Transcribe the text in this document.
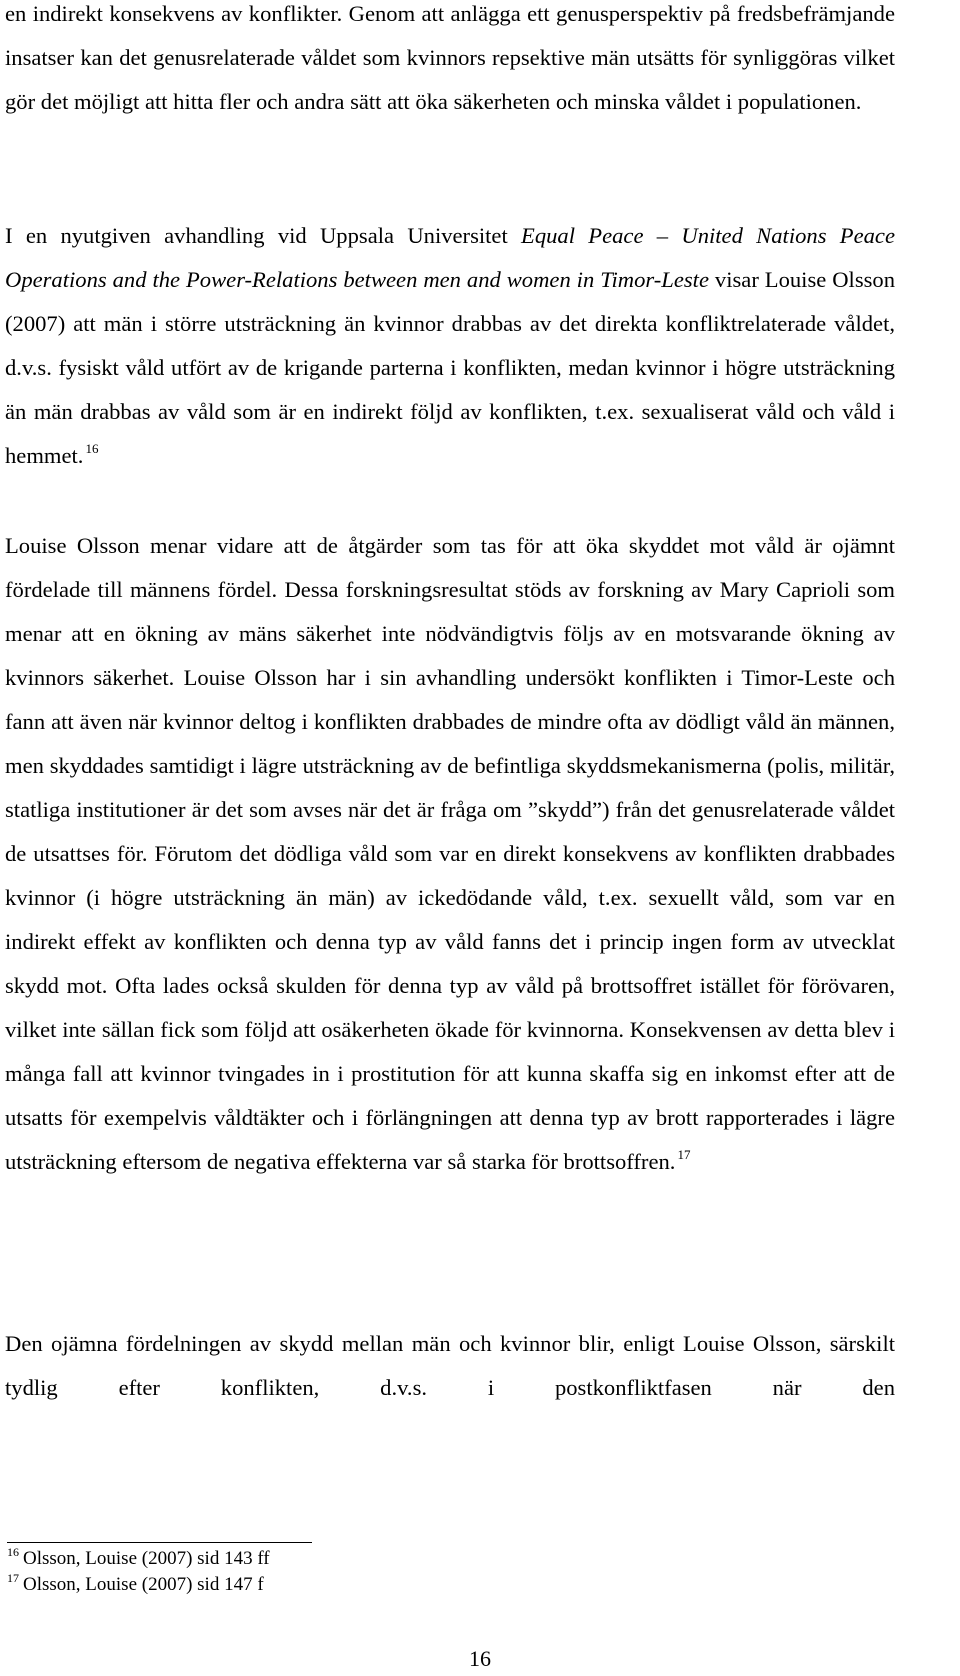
en indirekt konsekvens av konflikter. Genom att anlägga ett genusperspektiv på fredsbefrämjande insatser kan det genusrelaterade våldet som kvinnors repsektive män utsätts för synliggöras vilket gör det möjligt att hitta fler och andra sätt att öka säkerheten och minska våldet i populationen.

I en nyutgiven avhandling vid Uppsala Universitet Equal Peace – United Nations Peace Operations and the Power-Relations between men and women in Timor-Leste visar Louise Olsson (2007) att män i större utsträckning än kvinnor drabbas av det direkta konfliktrelaterade våldet, d.v.s. fysiskt våld utfört av de krigande parterna i konflikten, medan kvinnor i högre utsträckning än män drabbas av våld som är en indirekt följd av konflikten, t.ex. sexualiserat våld och våld i hemmet. $^{16}$

Louise Olsson menar vidare att de åtgärder som tas för att öka skyddet mot våld är ojämnt fördelade till männens fördel. Dessa forskningsresultat stöds av forskning av Mary Caprioli som menar att en ökning av mäns säkerhet inte nödvändigtvis följs av en motsvarande ökning av kvinnors säkerhet. Louise Olsson har i sin avhandling undersökt konflikten i Timor-Leste och fann att även när kvinnor deltog i konflikten drabbades de mindre ofta av dödligt våld än männen, men skyddades samtidigt i lägre utsträckning av de befintliga skyddsmekanismerna (polis, militär, statliga institutioner är det som avses när det är fråga om ”skydd”) från det genusrelaterade våldet de utsattses för. Förutom det dödliga våld som var en direkt konsekvens av konflikten drabbades kvinnor (i högre utsträckning än män) av ickedödande våld, t.ex. sexuellt våld, som var en indirekt effekt av konflikten och denna typ av våld fanns det i princip ingen form av utvecklat skydd mot. Ofta lades också skulden för denna typ av våld på brottsoffret istället för förövaren, vilket inte sällan fick som följd att osäkerheten ökade för kvinnorna. Konsekvensen av detta blev i många fall att kvinnor tvingades in i prostitution för att kunna skaffa sig en inkomst efter att de utsatts för exempelvis våldtäkter och i förlängningen att denna typ av brott rapporterades i lägre utsträckning eftersom de negativa effekterna var så starka för brottsoffren. $^{17}$

Den ojämna fördelningen av skydd mellan män och kvinnor blir, enligt Louise Olsson, särskilt tydlig efter konflikten, d.v.s. i postkonfliktfasen när den

$^{16}$ Olsson, Louise (2007) sid 143 ff
$^{17}$ Olsson, Louise (2007) sid 147 f
16
